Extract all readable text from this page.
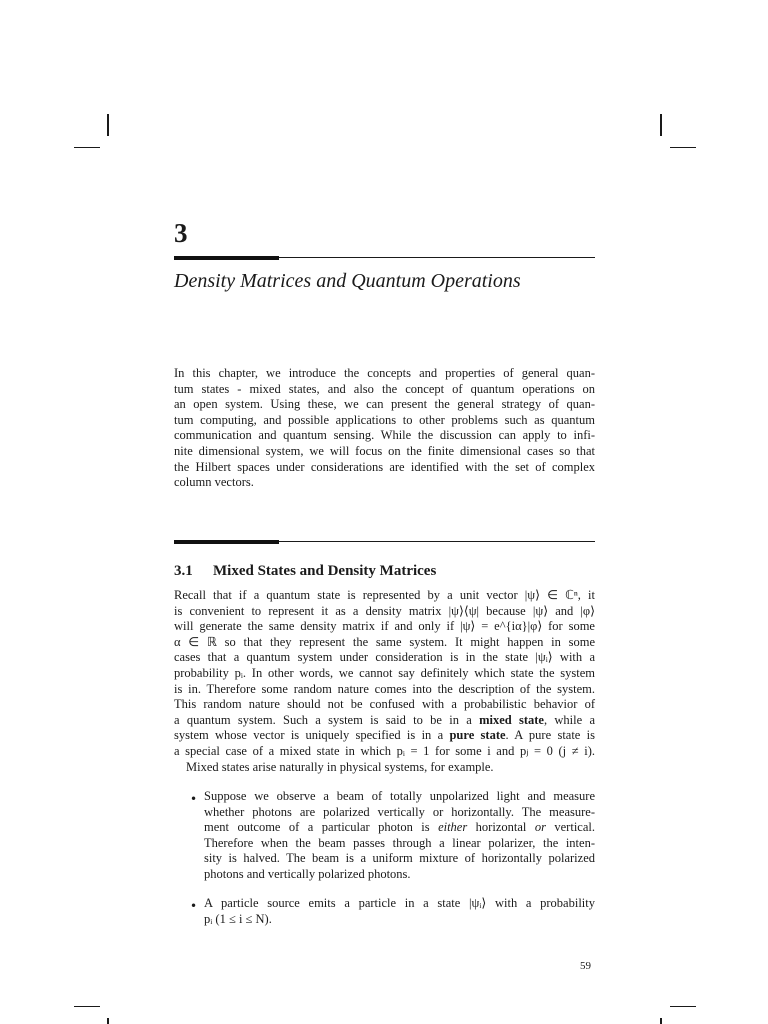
3
Density Matrices and Quantum Operations
In this chapter, we introduce the concepts and properties of general quan-
tum states - mixed states, and also the concept of quantum operations on
an open system. Using these, we can present the general strategy of quan-
tum computing, and possible applications to other problems such as quantum
communication and quantum sensing. While the discussion can apply to infi-
nite dimensional system, we will focus on the finite dimensional cases so that
the Hilbert spaces under considerations are identified with the set of complex
column vectors.
3.1 Mixed States and Density Matrices
Recall that if a quantum state is represented by a unit vector |ψ⟩ ∈ ℂⁿ, it
is convenient to represent it as a density matrix |ψ⟩⟨ψ| because |ψ⟩ and |φ⟩
will generate the same density matrix if and only if |ψ⟩ = e^{iα}|φ⟩ for some
α ∈ ℝ so that they represent the same system. It might happen in some
cases that a quantum system under consideration is in the state |ψᵢ⟩ with a
probability pᵢ. In other words, we cannot say definitely which state the system
is in. Therefore some random nature comes into the description of the system.
This random nature should not be confused with a probabilistic behavior of
a quantum system. Such a system is said to be in a mixed state, while a
system whose vector is uniquely specified is in a pure state. A pure state is
a special case of a mixed state in which pᵢ = 1 for some i and pⱼ = 0 (j ≠ i).
Mixed states arise naturally in physical systems, for example.
• Suppose we observe a beam of totally unpolarized light and measure
whether photons are polarized vertically or horizontally. The measure-
ment outcome of a particular photon is either horizontal or vertical.
Therefore when the beam passes through a linear polarizer, the inten-
sity is halved. The beam is a uniform mixture of horizontally polarized
photons and vertically polarized photons.
• A particle source emits a particle in a state |ψᵢ⟩ with a probability
pᵢ (1 ≤ i ≤ N).
59
